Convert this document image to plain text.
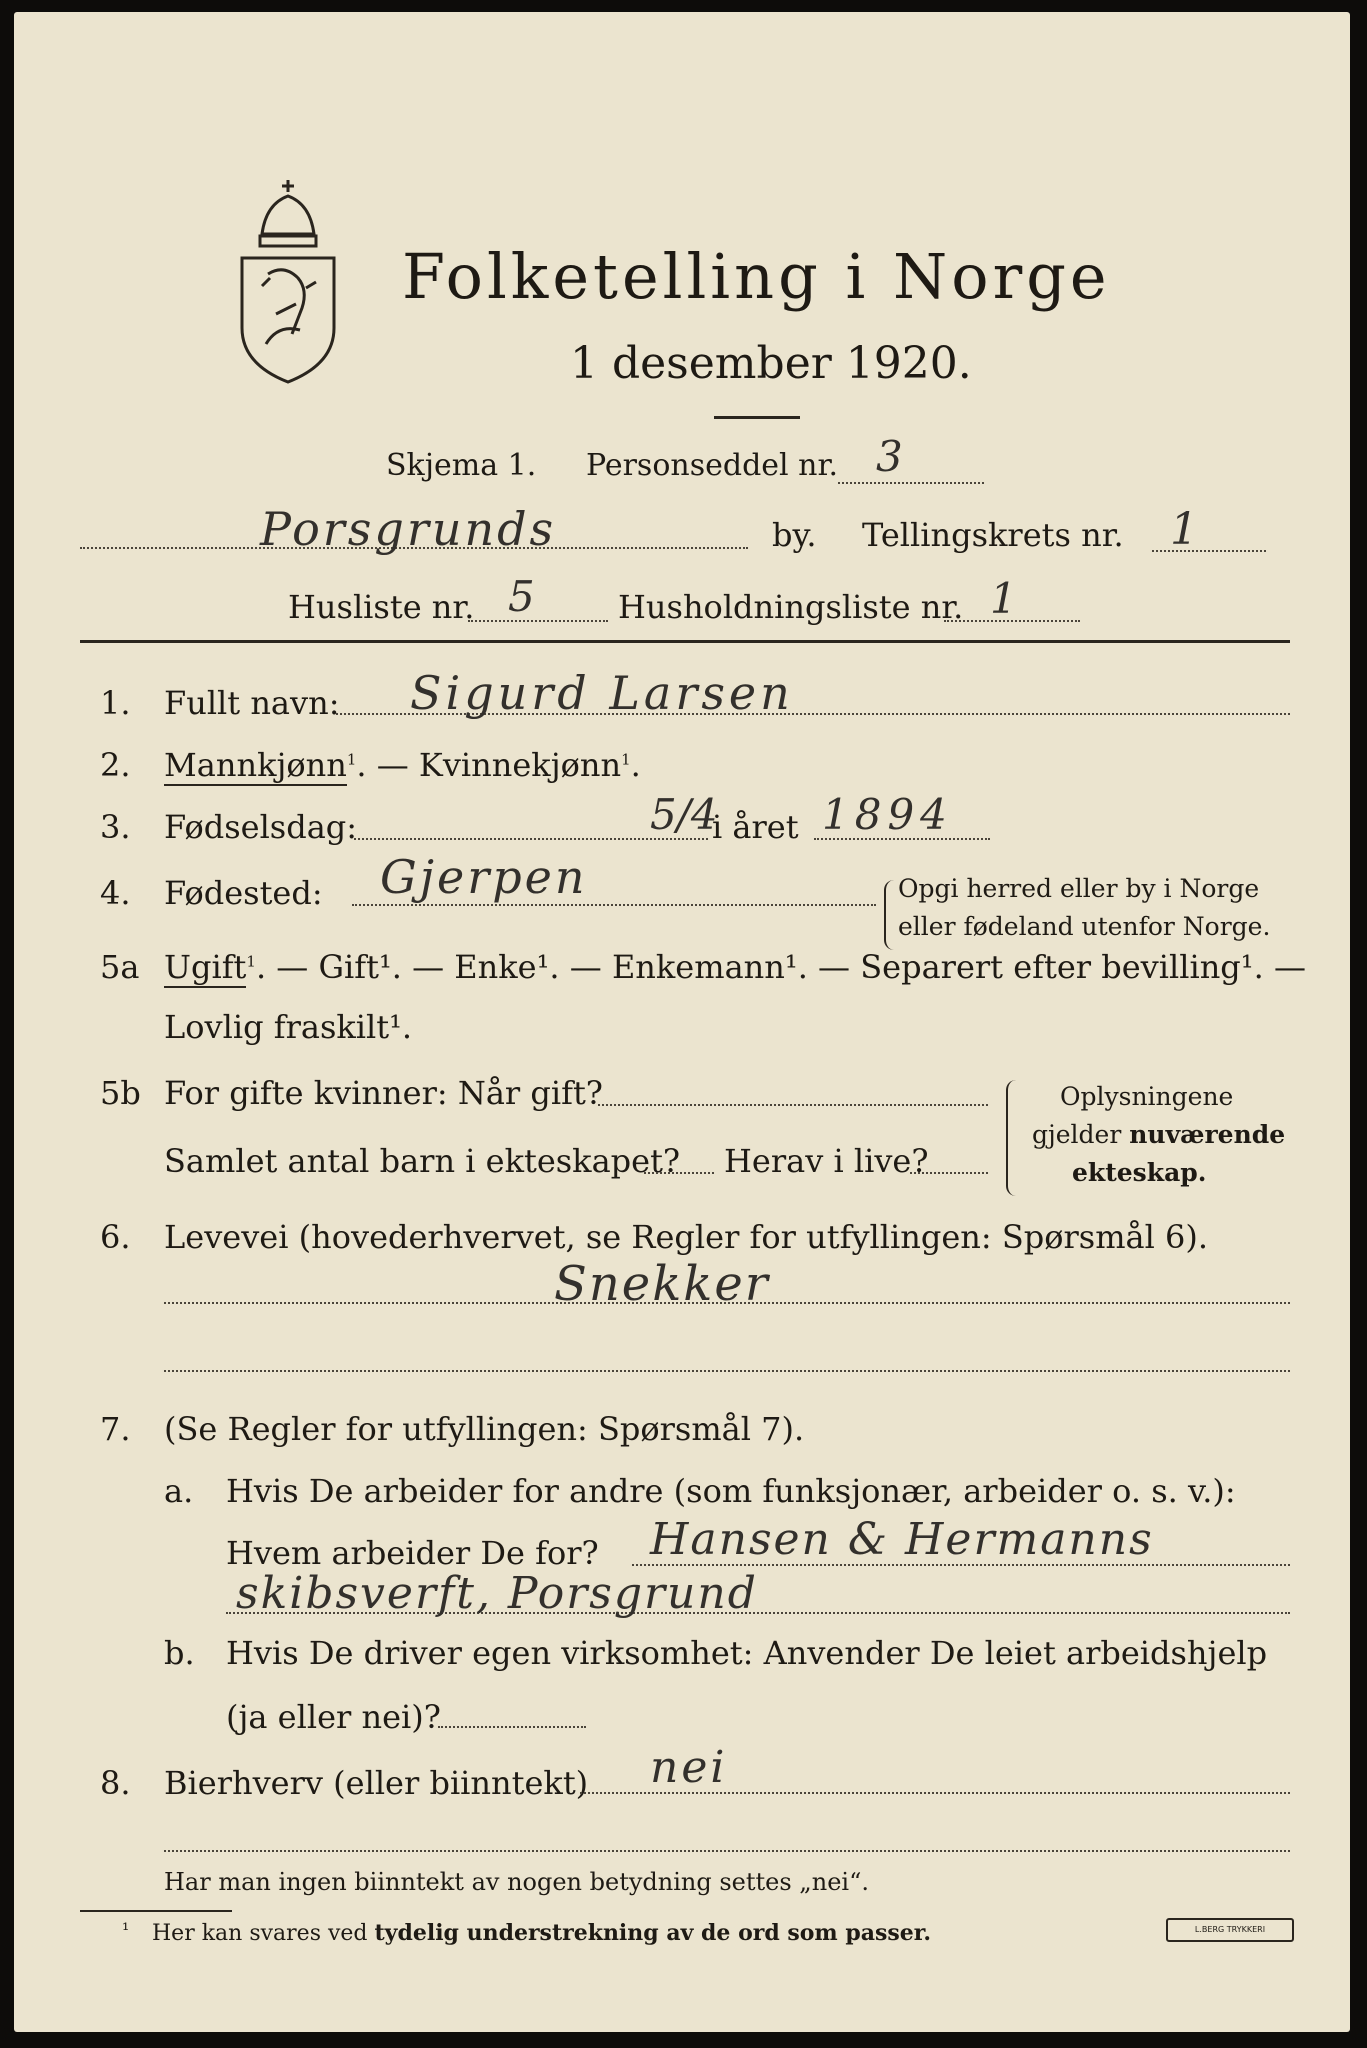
Folketelling i Norge
1 desember 1920.
Skjema 1. Personseddel nr. 3
Porsgrunds	by. Tellingskrets nr. 1
Husliste nr. 5	Husholdningsliste nr. 1
1. Fullt navn: Sigurd Larsen
2. Mannkjønn$^1$. — Kvinnekjønn$^1$.
3. Fødselsdag:	5/4
i året 1894
4. Fødested: Gjerpen	Opgi herred eller by i Norge
eller fødeland utenfor Norge.
5a Ugift$^1$. — Gift¹. — Enke¹. — Enkemann¹. — Separert efter bevilling¹. —
Lovlig fraskilt¹.
5b For gifte kvinner: Når gift?
Samlet antal barn i ekteskapet? Herav i live?
Oplysningene
gjelder nuværende
ekteskap.
6. Levevei (hovederhvervet, se Regler for utfyllingen: Spørsmål 6).
Snekker
7. (Se Regler for utfyllingen: Spørsmål 7).
a. Hvis De arbeider for andre (som funksjonær, arbeider o. s. v.):
Hvem arbeider De for? Hansen & Hermanns
skibsverft, Porsgrund
b. Hvis De driver egen virksomhet: Anvender De leiet arbeidshjelp
(ja eller nei)?
8. Bierhverv (eller biinntekt) nei
Har man ingen biinntekt av nogen betydning settes „nei“.
¹ Her kan svares ved tydelig understrekning av de ord som passer.	L.BERG TRYKKERI
